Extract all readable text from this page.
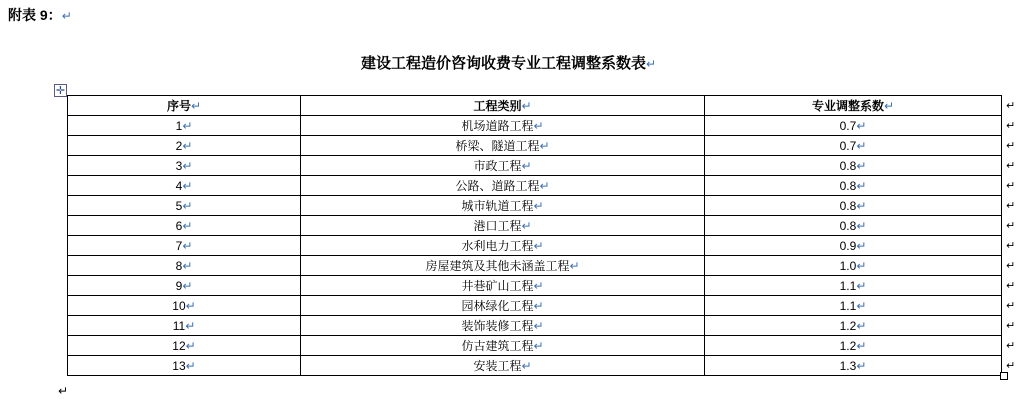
附表 9：↵
建设工程造价咨询收费专业工程调整系数表↵
✛
序号↵	工程类别↵	专业调整系数↵
1↵	机场道路工程↵	0.7↵
2↵	桥梁、隧道工程↵	0.7↵
3↵	市政工程↵	0.8↵
4↵	公路、道路工程↵	0.8↵
5↵	城市轨道工程↵	0.8↵
6↵	港口工程↵	0.8↵
7↵	水利电力工程↵	0.9↵
8↵	房屋建筑及其他未涵盖工程↵	1.0↵
9↵	井巷矿山工程↵	1.1↵
10↵	园林绿化工程↵	1.1↵
11↵	装饰装修工程↵	1.2↵
12↵	仿古建筑工程↵	1.2↵
13↵	安装工程↵	1.3↵
↵
↵
↵
↵
↵
↵
↵
↵
↵
↵
↵
↵
↵
↵
↵
